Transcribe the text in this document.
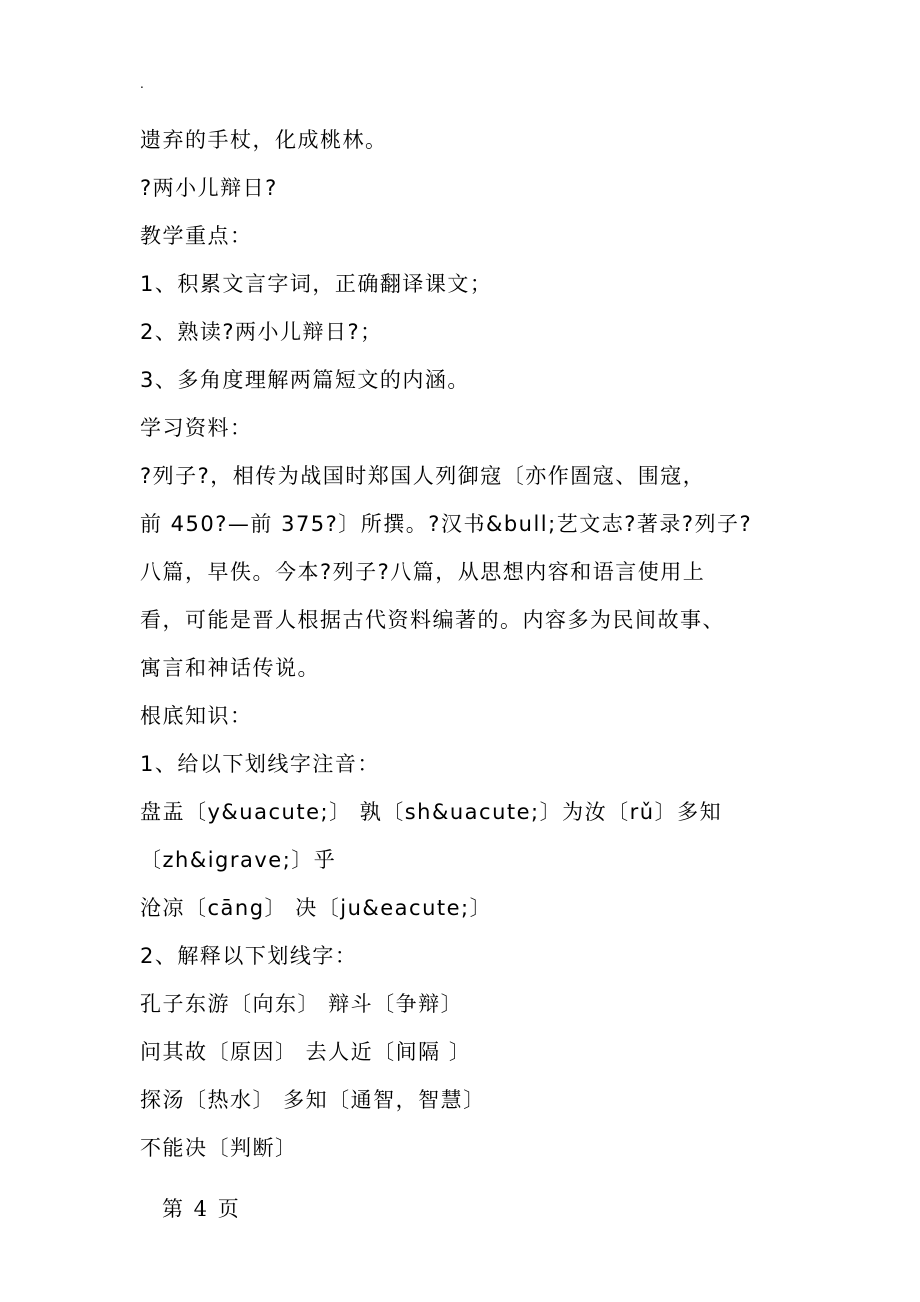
.
遗弃的手杖，化成桃林。
?两小儿辩日?
教学重点：
1、积累文言字词，正确翻译课文；
2、熟读?两小儿辩日?；
3、多角度理解两篇短文的内涵。
学习资料：
?列子?，相传为战国时郑国人列御寇〔亦作圄寇、围寇，
前 450?—前 375?〕所撰。?汉书&bull;艺文志?著录?列子?
八篇，早佚。今本?列子?八篇，从思想内容和语言使用上
看，可能是晋人根据古代资料编著的。内容多为民间故事、
寓言和神话传说。
根底知识：
1、给以下划线字注音：
盘盂〔y&uacute;〕 孰〔sh&uacute;〕为汝〔rǔ〕多知
〔zh&igrave;〕乎
沧凉〔cāng〕 决〔ju&eacute;〕
2、解释以下划线字：
孔子东游〔向东〕 辩斗〔争辩〕
问其故〔原因〕 去人近〔间隔 〕
探汤〔热水〕 多知〔通智，智慧〕
不能决〔判断〕
第 4 页
